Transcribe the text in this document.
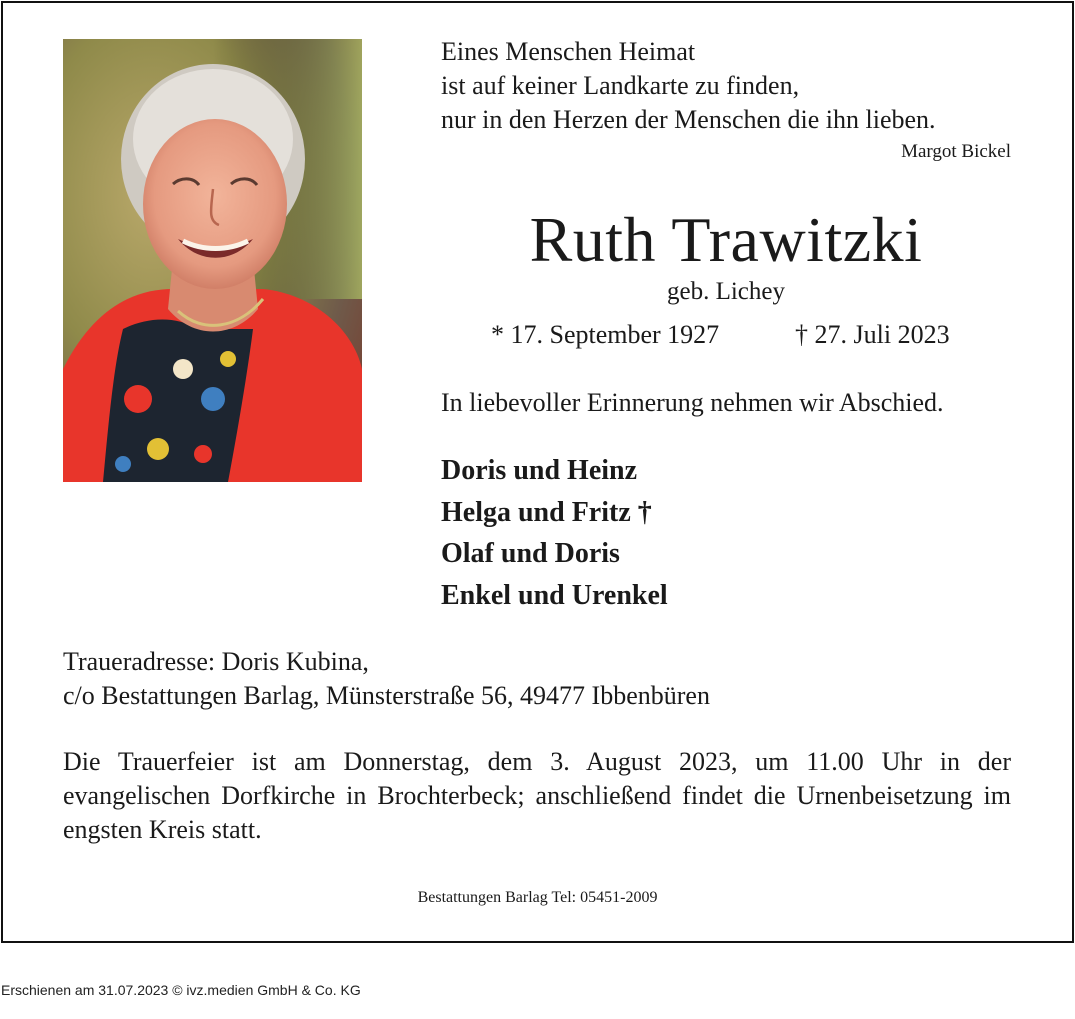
Eines Menschen Heimat
ist auf keiner Landkarte zu finden,
nur in den Herzen der Menschen die ihn lieben.
Margot Bickel
Ruth Trawitzki
geb. Lichey
* 17. September 1927	† 27. Juli 2023
In liebevoller Erinnerung nehmen wir Abschied.
Doris und Heinz
Helga und Fritz †
Olaf und Doris
Enkel und Urenkel
Traueradresse: Doris Kubina,
c/o Bestattungen Barlag, Münsterstraße 56, 49477 Ibbenbüren
Die Trauerfeier ist am Donnerstag, dem 3. August 2023, um 11.00 Uhr in der evangelischen Dorfkirche in Brochterbeck; anschließend findet die Urnenbeisetzung im engsten Kreis statt.
Bestattungen Barlag Tel: 05451-2009
Erschienen am 31.07.2023 © ivz.medien GmbH & Co. KG
